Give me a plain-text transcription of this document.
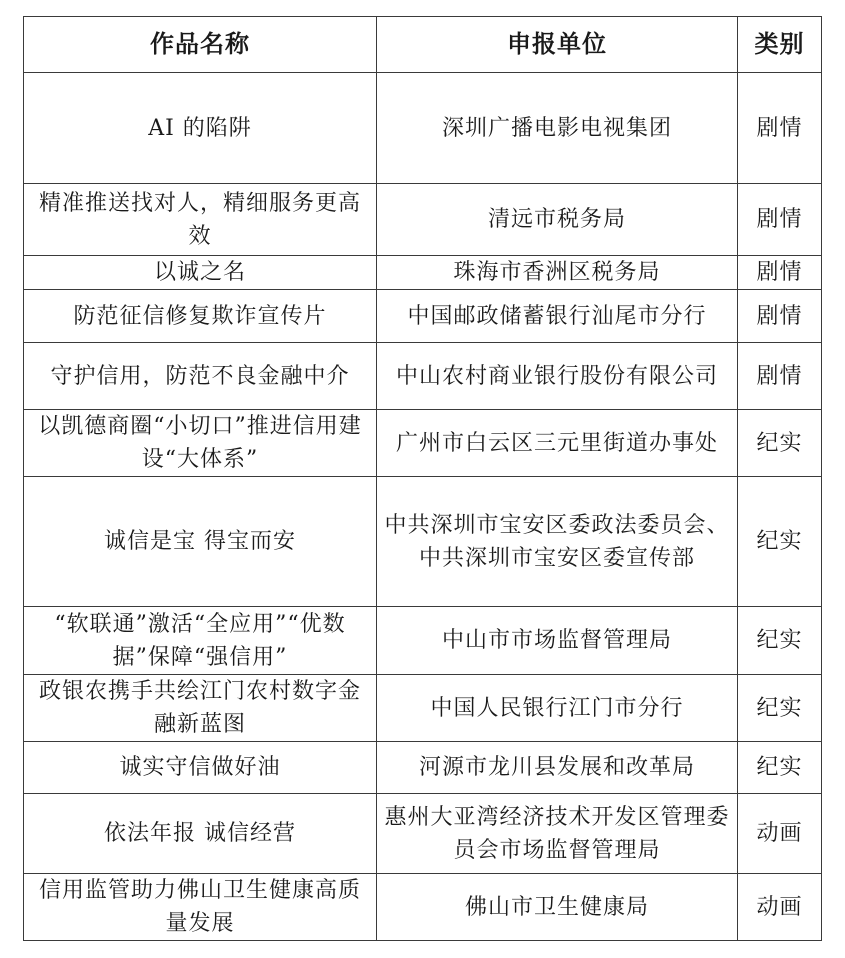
作品名称	申报单位	类别
AI 的陷阱	深圳广播电影电视集团	剧情
精准推送找对人，精细服务更高效	清远市税务局	剧情
以诚之名	珠海市香洲区税务局	剧情
防范征信修复欺诈宣传片	中国邮政储蓄银行汕尾市分行	剧情
守护信用，防范不良金融中介	中山农村商业银行股份有限公司	剧情
以凯德商圈“小切口”推进信用建设“大体系”	广州市白云区三元里街道办事处	纪实
诚信是宝 得宝而安	中共深圳市宝安区委政法委员会、中共深圳市宝安区委宣传部	纪实
“软联通”激活“全应用”“优数据”保障“强信用”	中山市市场监督管理局	纪实
政银农携手共绘江门农村数字金融新蓝图	中国人民银行江门市分行	纪实
诚实守信做好油	河源市龙川县发展和改革局	纪实
依法年报 诚信经营	惠州大亚湾经济技术开发区管理委员会市场监督管理局	动画
信用监管助力佛山卫生健康高质量发展	佛山市卫生健康局	动画
